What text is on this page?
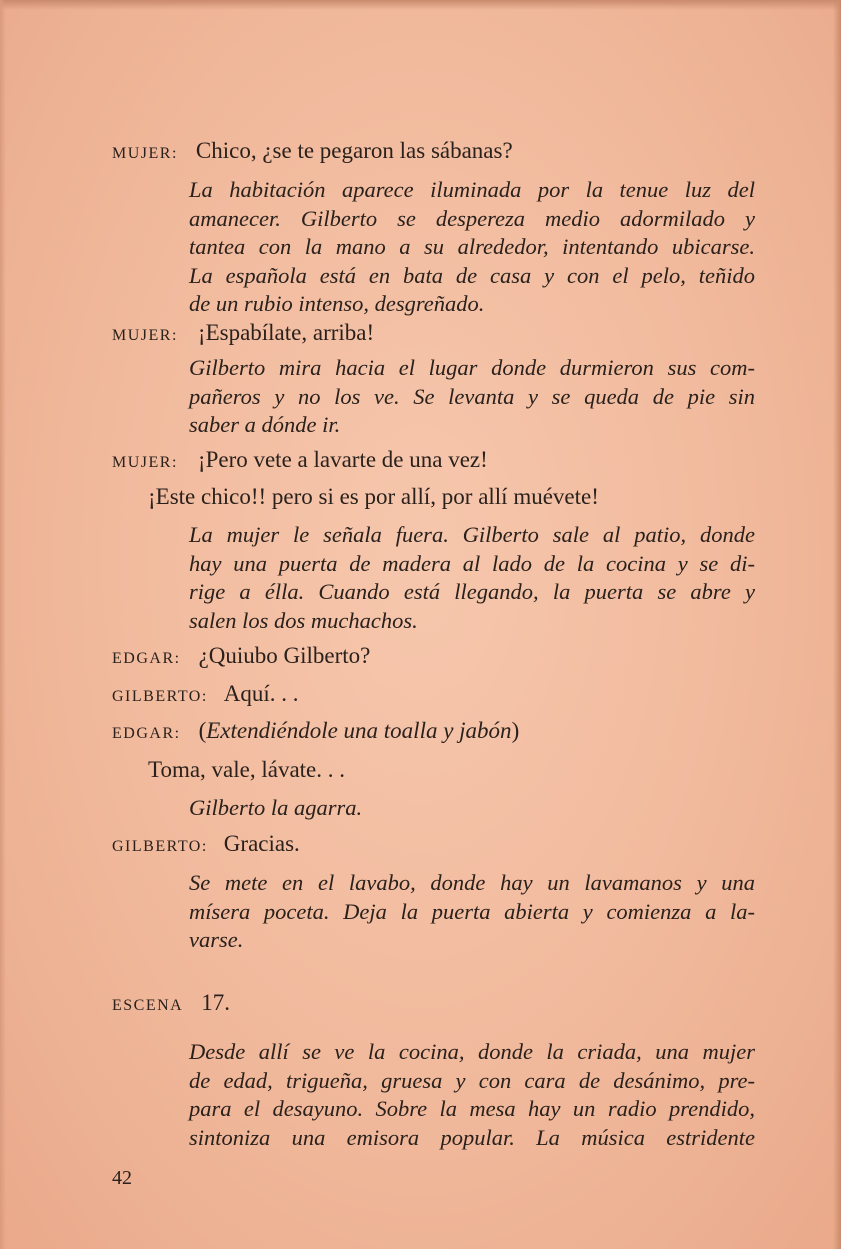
MUJER: Chico, ¿se te pegaron las sábanas?

La habitación aparece iluminada por la tenue luz del
amanecer. Gilberto se despereza medio adormilado y
tantea con la mano a su alrededor, intentando ubicarse.
La española está en bata de casa y con el pelo, teñido
de un rubio intenso, desgreñado.

MUJER: ¡Espabílate, arriba!

Gilberto mira hacia el lugar donde durmieron sus com-
pañeros y no los ve. Se levanta y se queda de pie sin
saber a dónde ir.

MUJER: ¡Pero vete a lavarte de una vez!

¡Este chico!! pero si es por allí, por allí muévete!

La mujer le señala fuera. Gilberto sale al patio, donde
hay una puerta de madera al lado de la cocina y se di-
rige a élla. Cuando está llegando, la puerta se abre y
salen los dos muchachos.

EDGAR: ¿Quiubo Gilberto?

GILBERTO: Aquí. . .

EDGAR: (Extendiéndole una toalla y jabón)

Toma, vale, lávate. . .

Gilberto la agarra.

GILBERTO: Gracias.

Se mete en el lavabo, donde hay un lavamanos y una
mísera poceta. Deja la puerta abierta y comienza a la-
varse.

ESCENA 17.

Desde allí se ve la cocina, donde la criada, una mujer
de edad, trigueña, gruesa y con cara de desánimo, pre-
para el desayuno. Sobre la mesa hay un radio prendido,
sintoniza una emisora popular. La música estridente

42
